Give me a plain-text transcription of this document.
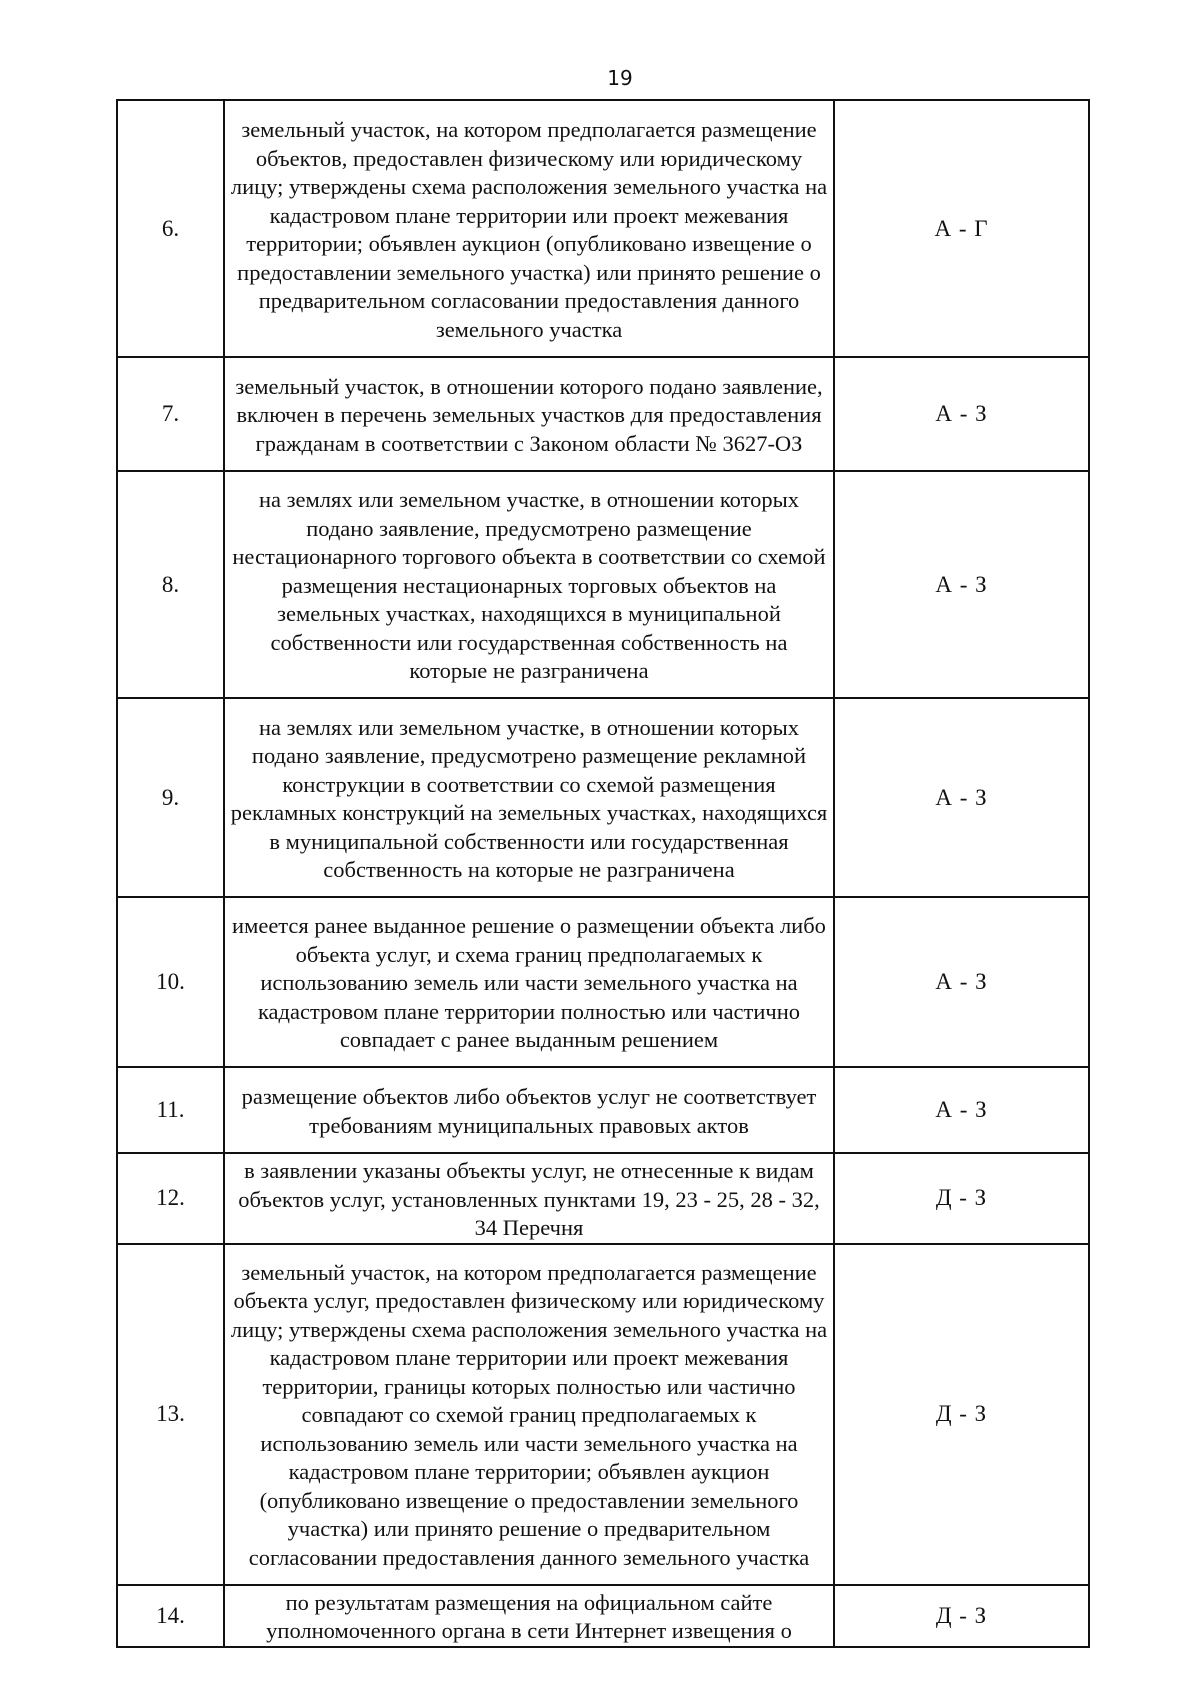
19
6.	земельный участок, на котором предполагается размещение объектов, предоставлен физическому или юридическому лицу; утверждены схема расположения земельного участка на кадастровом плане территории или проект межевания территории; объявлен аукцион (опубликовано извещение о предоставлении земельного участка) или принято решение о предварительном согласовании предоставления данного земельного участка	А - Г
7.	земельный участок, в отношении которого подано заявление, включен в перечень земельных участков для предоставления гражданам в соответствии с Законом области № 3627-ОЗ	А - З
8.	на землях или земельном участке, в отношении которых подано заявление, предусмотрено размещение нестационарного торгового объекта в соответствии со схемой размещения нестационарных торговых объектов на земельных участках, находящихся в муниципальной собственности или государственная собственность на которые не разграничена	А - З
9.	на землях или земельном участке, в отношении которых подано заявление, предусмотрено размещение рекламной конструкции в соответствии со схемой размещения рекламных конструкций на земельных участках, находящихся в муниципальной собственности или государственная собственность на которые не разграничена	А - З
10.	имеется ранее выданное решение о размещении объекта либо объекта услуг, и схема границ предполагаемых к использованию земель или части земельного участка на кадастровом плане территории полностью или частично совпадает с ранее выданным решением	А - З
11.	размещение объектов либо объектов услуг не соответствует требованиям муниципальных правовых актов	А - З
12.	в заявлении указаны объекты услуг, не отнесенные к видам объектов услуг, установленных пунктами 19, 23 - 25, 28 - 32, 34 Перечня	Д - З
13.	земельный участок, на котором предполагается размещение объекта услуг, предоставлен физическому или юридическому лицу; утверждены схема расположения земельного участка на кадастровом плане территории или проект межевания территории, границы которых полностью или частично совпадают со схемой границ предполагаемых к использованию земель или части земельного участка на кадастровом плане территории; объявлен аукцион (опубликовано извещение о предоставлении земельного участка) или принято решение о предварительном согласовании предоставления данного земельного участка	Д - З
14.	по результатам размещения на официальном сайте уполномоченного органа в сети Интернет извещения о	Д - З
